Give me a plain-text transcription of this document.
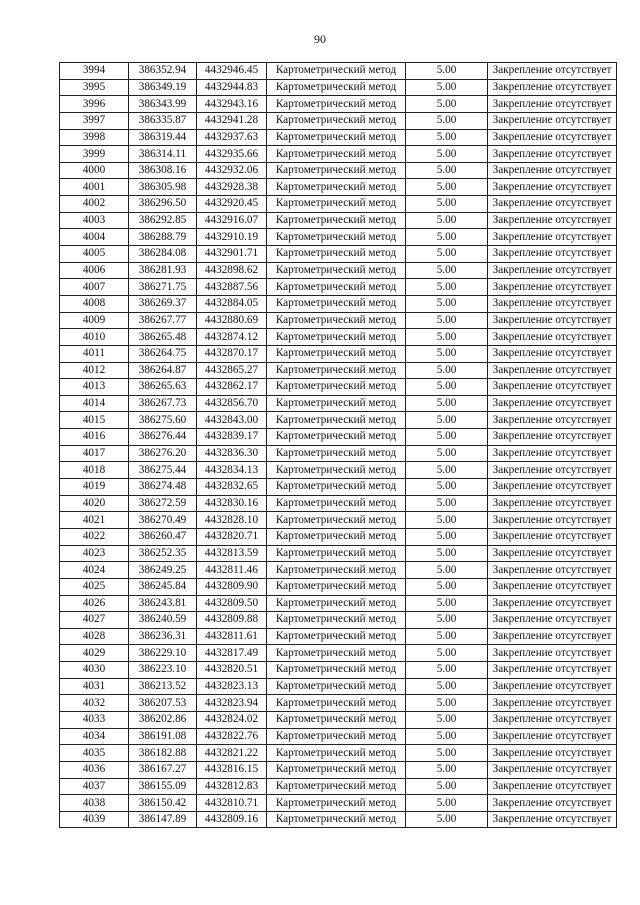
90
3994	386352.94	4432946.45	Картометрический метод	5.00	Закрепление отсутствует
3995	386349.19	4432944.83	Картометрический метод	5.00	Закрепление отсутствует
3996	386343.99	4432943.16	Картометрический метод	5.00	Закрепление отсутствует
3997	386335.87	4432941.28	Картометрический метод	5.00	Закрепление отсутствует
3998	386319.44	4432937.63	Картометрический метод	5.00	Закрепление отсутствует
3999	386314.11	4432935.66	Картометрический метод	5.00	Закрепление отсутствует
4000	386308.16	4432932.06	Картометрический метод	5.00	Закрепление отсутствует
4001	386305.98	4432928.38	Картометрический метод	5.00	Закрепление отсутствует
4002	386296.50	4432920.45	Картометрический метод	5.00	Закрепление отсутствует
4003	386292.85	4432916.07	Картометрический метод	5.00	Закрепление отсутствует
4004	386288.79	4432910.19	Картометрический метод	5.00	Закрепление отсутствует
4005	386284.08	4432901.71	Картометрический метод	5.00	Закрепление отсутствует
4006	386281.93	4432898.62	Картометрический метод	5.00	Закрепление отсутствует
4007	386271.75	4432887.56	Картометрический метод	5.00	Закрепление отсутствует
4008	386269.37	4432884.05	Картометрический метод	5.00	Закрепление отсутствует
4009	386267.77	4432880.69	Картометрический метод	5.00	Закрепление отсутствует
4010	386265.48	4432874.12	Картометрический метод	5.00	Закрепление отсутствует
4011	386264.75	4432870.17	Картометрический метод	5.00	Закрепление отсутствует
4012	386264.87	4432865.27	Картометрический метод	5.00	Закрепление отсутствует
4013	386265.63	4432862.17	Картометрический метод	5.00	Закрепление отсутствует
4014	386267.73	4432856.70	Картометрический метод	5.00	Закрепление отсутствует
4015	386275.60	4432843.00	Картометрический метод	5.00	Закрепление отсутствует
4016	386276.44	4432839.17	Картометрический метод	5.00	Закрепление отсутствует
4017	386276.20	4432836.30	Картометрический метод	5.00	Закрепление отсутствует
4018	386275.44	4432834.13	Картометрический метод	5.00	Закрепление отсутствует
4019	386274.48	4432832.65	Картометрический метод	5.00	Закрепление отсутствует
4020	386272.59	4432830.16	Картометрический метод	5.00	Закрепление отсутствует
4021	386270.49	4432828.10	Картометрический метод	5.00	Закрепление отсутствует
4022	386260.47	4432820.71	Картометрический метод	5.00	Закрепление отсутствует
4023	386252.35	4432813.59	Картометрический метод	5.00	Закрепление отсутствует
4024	386249.25	4432811.46	Картометрический метод	5.00	Закрепление отсутствует
4025	386245.84	4432809.90	Картометрический метод	5.00	Закрепление отсутствует
4026	386243.81	4432809.50	Картометрический метод	5.00	Закрепление отсутствует
4027	386240.59	4432809.88	Картометрический метод	5.00	Закрепление отсутствует
4028	386236.31	4432811.61	Картометрический метод	5.00	Закрепление отсутствует
4029	386229.10	4432817.49	Картометрический метод	5.00	Закрепление отсутствует
4030	386223.10	4432820.51	Картометрический метод	5.00	Закрепление отсутствует
4031	386213.52	4432823.13	Картометрический метод	5.00	Закрепление отсутствует
4032	386207.53	4432823.94	Картометрический метод	5.00	Закрепление отсутствует
4033	386202.86	4432824.02	Картометрический метод	5.00	Закрепление отсутствует
4034	386191.08	4432822.76	Картометрический метод	5.00	Закрепление отсутствует
4035	386182.88	4432821.22	Картометрический метод	5.00	Закрепление отсутствует
4036	386167.27	4432816.15	Картометрический метод	5.00	Закрепление отсутствует
4037	386155.09	4432812.83	Картометрический метод	5.00	Закрепление отсутствует
4038	386150.42	4432810.71	Картометрический метод	5.00	Закрепление отсутствует
4039	386147.89	4432809.16	Картометрический метод	5.00	Закрепление отсутствует
